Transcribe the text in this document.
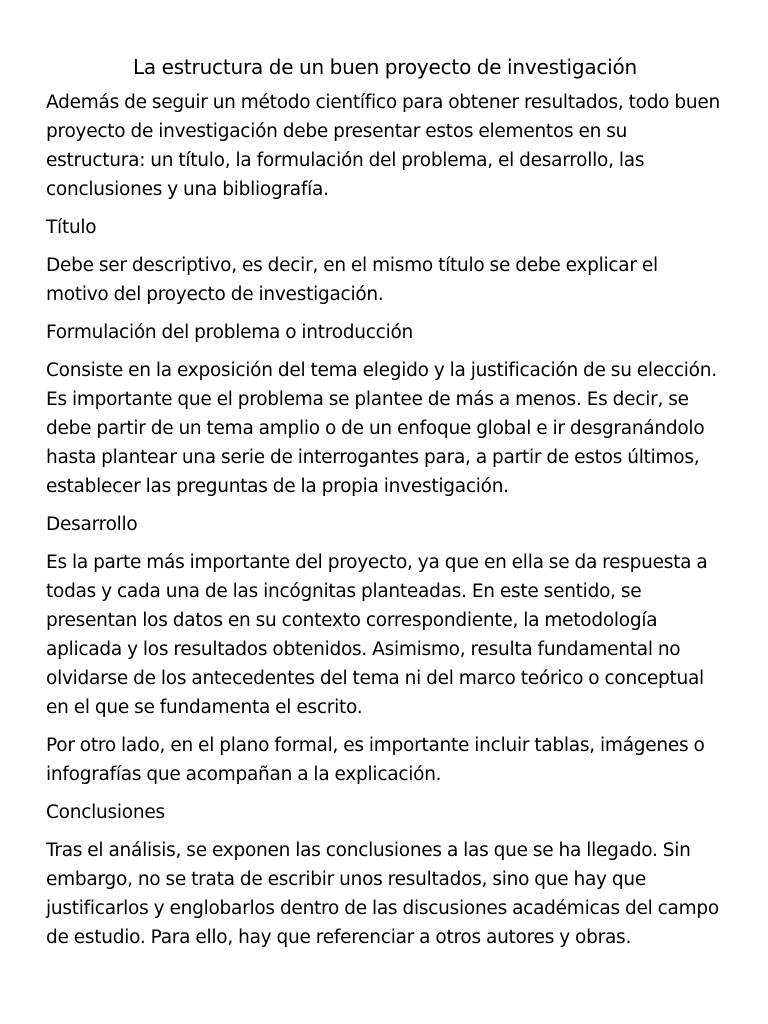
La estructura de un buen proyecto de investigación

Además de seguir un método científico para obtener resultados, todo buen proyecto de investigación debe presentar estos elementos en su estructura: un título, la formulación del problema, el desarrollo, las conclusiones y una bibliografía.

Título

Debe ser descriptivo, es decir, en el mismo título se debe explicar el motivo del proyecto de investigación.

Formulación del problema o introducción

Consiste en la exposición del tema elegido y la justificación de su elección. Es importante que el problema se plantee de más a menos. Es decir, se debe partir de un tema amplio o de un enfoque global e ir desgranándolo hasta plantear una serie de interrogantes para, a partir de estos últimos, establecer las preguntas de la propia investigación.

Desarrollo

Es la parte más importante del proyecto, ya que en ella se da respuesta a todas y cada una de las incógnitas planteadas. En este sentido, se presentan los datos en su contexto correspondiente, la metodología aplicada y los resultados obtenidos. Asimismo, resulta fundamental no olvidarse de los antecedentes del tema ni del marco teórico o conceptual en el que se fundamenta el escrito.

Por otro lado, en el plano formal, es importante incluir tablas, imágenes o infografías que acompañan a la explicación.

Conclusiones

Tras el análisis, se exponen las conclusiones a las que se ha llegado. Sin embargo, no se trata de escribir unos resultados, sino que hay que justificarlos y englobarlos dentro de las discusiones académicas del campo de estudio. Para ello, hay que referenciar a otros autores y obras.
